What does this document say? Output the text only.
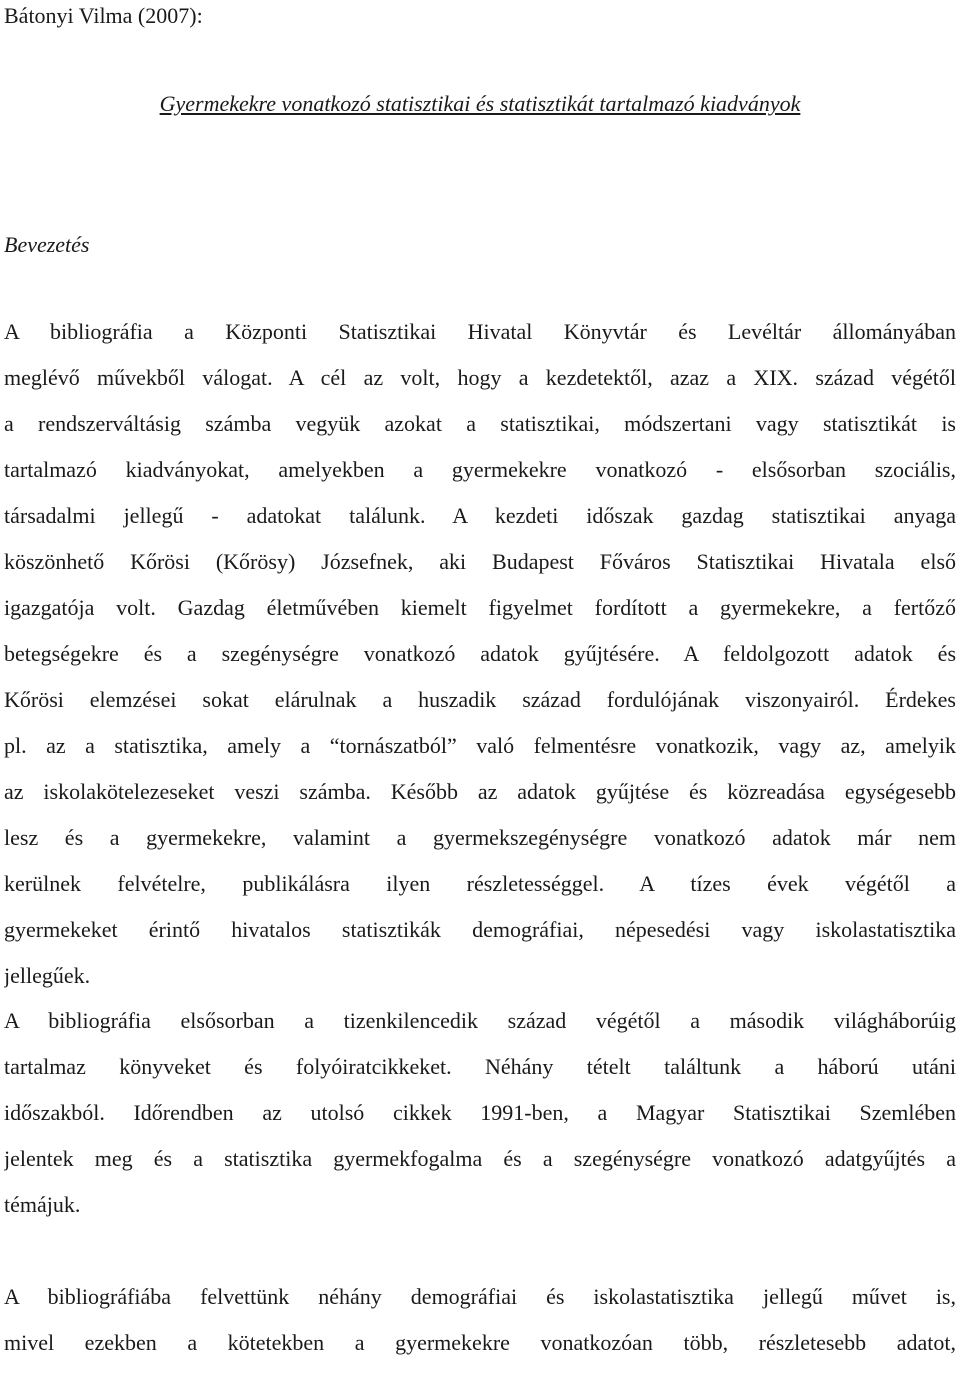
Bátonyi Vilma (2007):
Gyermekekre vonatkozó statisztikai és statisztikát tartalmazó kiadványok
Bevezetés
A bibliográfia a Központi Statisztikai Hivatal Könyvtár és Levéltár állományában
meglévő művekből válogat. A cél az volt, hogy a kezdetektől, azaz a XIX. század végétől
a rendszerváltásig számba vegyük azokat a statisztikai, módszertani vagy statisztikát is
tartalmazó kiadványokat, amelyekben a gyermekekre vonatkozó - elsősorban szociális,
társadalmi jellegű - adatokat találunk. A kezdeti időszak gazdag statisztikai anyaga
köszönhető Kőrösi (Kőrösy) Józsefnek, aki Budapest Főváros Statisztikai Hivatala első
igazgatója volt. Gazdag életművében kiemelt figyelmet fordított a gyermekekre, a fertőző
betegségekre és a szegénységre vonatkozó adatok gyűjtésére. A feldolgozott adatok és
Kőrösi elemzései sokat elárulnak a huszadik század fordulójának viszonyairól. Érdekes
pl. az a statisztika, amely a “tornászatból” való felmentésre vonatkozik, vagy az, amelyik
az iskolakötelezeseket veszi számba. Később az adatok gyűjtése és közreadása egységesebb
lesz és a gyermekekre, valamint a gyermekszegénységre vonatkozó adatok már nem
kerülnek felvételre, publikálásra ilyen részletességgel. A tízes évek végétől a
gyermekeket érintő hivatalos statisztikák demográfiai, népesedési vagy iskolastatisztika
jellegűek.
A bibliográfia elsősorban a tizenkilencedik század végétől a második világháborúig
tartalmaz könyveket és folyóiratcikkeket. Néhány tételt találtunk a háború utáni
időszakból. Időrendben az utolsó cikkek 1991-ben, a Magyar Statisztikai Szemlében
jelentek meg és a statisztika gyermekfogalma és a szegénységre vonatkozó adatgyűjtés a
témájuk.
A bibliográfiába felvettünk néhány demográfiai és iskolastatisztika jellegű művet is,
mivel ezekben a kötetekben a gyermekekre vonatkozóan több, részletesebb adatot,
